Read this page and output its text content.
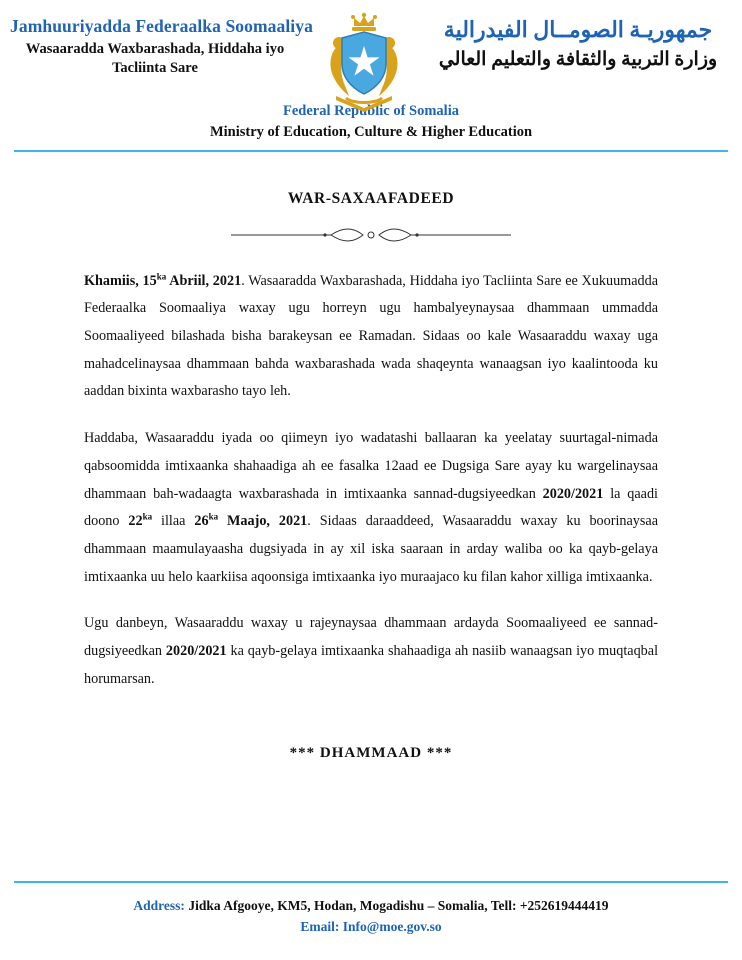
Jamhuuriyadda Federaalka Soomaaliya
Wasaaradda Waxbarashada, Hiddaha iyo
Tacliinta Sare
جمهوريـة الصومــال الفيدرالية
وزارة التربية والثقافة والتعليم العالي
Federal Republic of Somalia
Ministry of Education, Culture & Higher Education
WAR-SAXAAFADEED

Khamiis, $15^{ka}$ Abriil, 2021. Wasaaradda Waxbarashada, Hiddaha iyo Tacliinta Sare ee Xukuumadda Federaalka Soomaaliya waxay ugu horreyn ugu hambalyeynaysaa dhammaan ummadda Soomaaliyeed bilashada bisha barakeysan ee Ramadan. Sidaas oo kale Wasaaraddu waxay uga mahadcelinaysaa dhammaan bahda waxbarashada wada shaqeynta wanaagsan iyo kaalintooda ku aaddan bixinta waxbarasho tayo leh.

Haddaba, Wasaaraddu iyada oo qiimeyn iyo wadatashi ballaaran ka yeelatay suurtagal-nimada qabsoomidda imtixaanka shahaadiga ah ee fasalka 12aad ee Dugsiga Sare ayay ku wargelinaysaa dhammaan bah-wadaagta waxbarashada in imtixaanka sannad-dugsiyeedkan 2020/2021 la qaadi doono $22^{ka}$ illaa $26^{ka}$ Maajo, 2021. Sidaas daraaddeed, Wasaaraddu waxay ku boorinaysaa dhammaan maamulayaasha dugsiyada in ay xil iska saaraan in arday waliba oo ka qayb-gelaya imtixaanka uu helo kaarkiisa aqoonsiga imtixaanka iyo muraajaco ku filan kahor xilliga imtixaanka.

Ugu danbeyn, Wasaaraddu waxay u rajeynaysaa dhammaan ardayda Soomaaliyeed ee sannad-dugsiyeedkan 2020/2021 ka qayb-gelaya imtixaanka shahaadiga ah nasiib wanaagsan iyo muqtaqbal horumarsan.

*** DHAMMAAD ***
Address: Jidka Afgooye, KM5, Hodan, Mogadishu – Somalia, Tell: +252619444419
Email: Info@moe.gov.so
